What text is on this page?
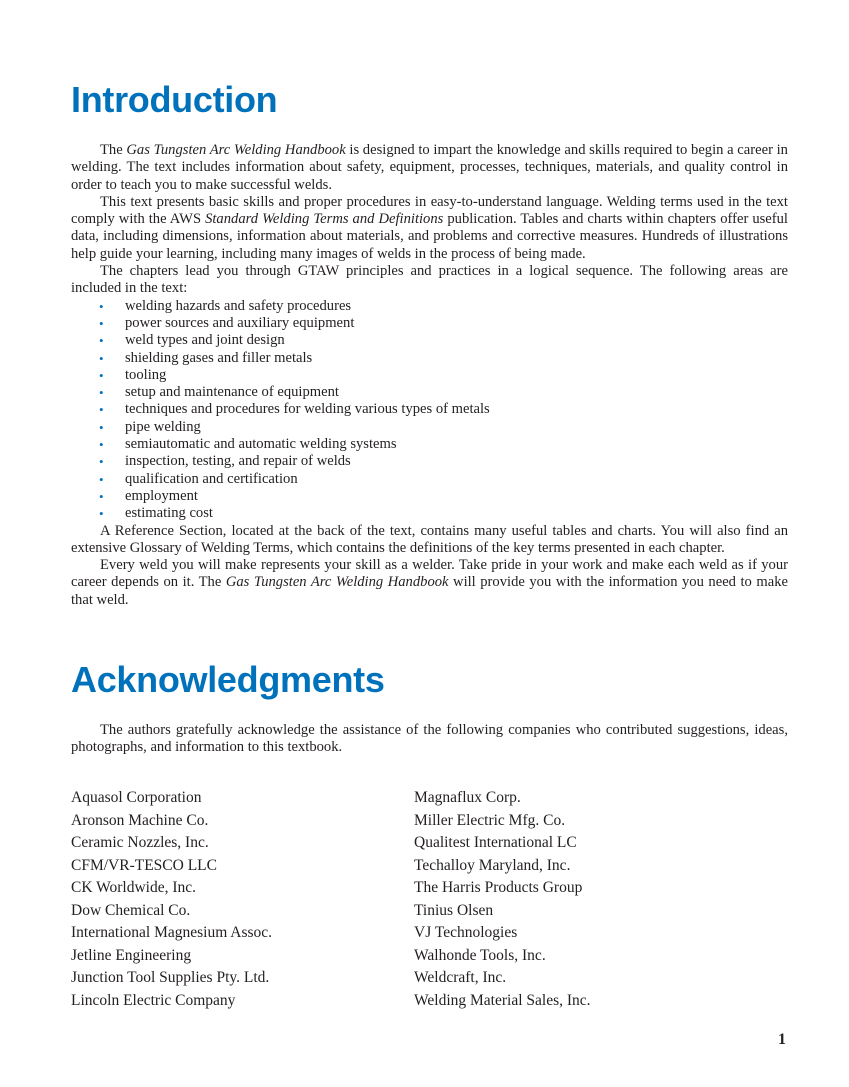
Introduction

The Gas Tungsten Arc Welding Handbook is designed to impart the knowledge and skills required to begin a career in welding. The text includes information about safety, equipment, processes, techniques, materials, and quality control in order to teach you to make successful welds.

This text presents basic skills and proper procedures in easy-to-understand language. Welding terms used in the text comply with the AWS Standard Welding Terms and Definitions publication. Tables and charts within chapters offer useful data, including dimensions, information about materials, and problems and corrective measures. Hundreds of illustrations help guide your learning, including many images of welds in the process of being made.

The chapters lead you through GTAW principles and practices in a logical sequence. The following areas are included in the text:

• welding hazards and safety procedures
• power sources and auxiliary equipment
• weld types and joint design
• shielding gases and filler metals
• tooling
• setup and maintenance of equipment
• techniques and procedures for welding various types of metals
• pipe welding
• semiautomatic and automatic welding systems
• inspection, testing, and repair of welds
• qualification and certification
• employment
• estimating cost

A Reference Section, located at the back of the text, contains many useful tables and charts. You will also find an extensive Glossary of Welding Terms, which contains the definitions of the key terms presented in each chapter.

Every weld you will make represents your skill as a welder. Take pride in your work and make each weld as if your career depends on it. The Gas Tungsten Arc Welding Handbook will provide you with the information you need to make that weld.

Acknowledgments

The authors gratefully acknowledge the assistance of the following companies who contributed suggestions, ideas, photographs, and information to this textbook.

Aquasol Corporation
Aronson Machine Co.
Ceramic Nozzles, Inc.
CFM/VR-TESCO LLC
CK Worldwide, Inc.
Dow Chemical Co.
International Magnesium Assoc.
Jetline Engineering
Junction Tool Supplies Pty. Ltd.
Lincoln Electric Company
Magnaflux Corp.
Miller Electric Mfg. Co.
Qualitest International LC
Techalloy Maryland, Inc.
The Harris Products Group
Tinius Olsen
VJ Technologies
Walhonde Tools, Inc.
Weldcraft, Inc.
Welding Material Sales, Inc.
1
